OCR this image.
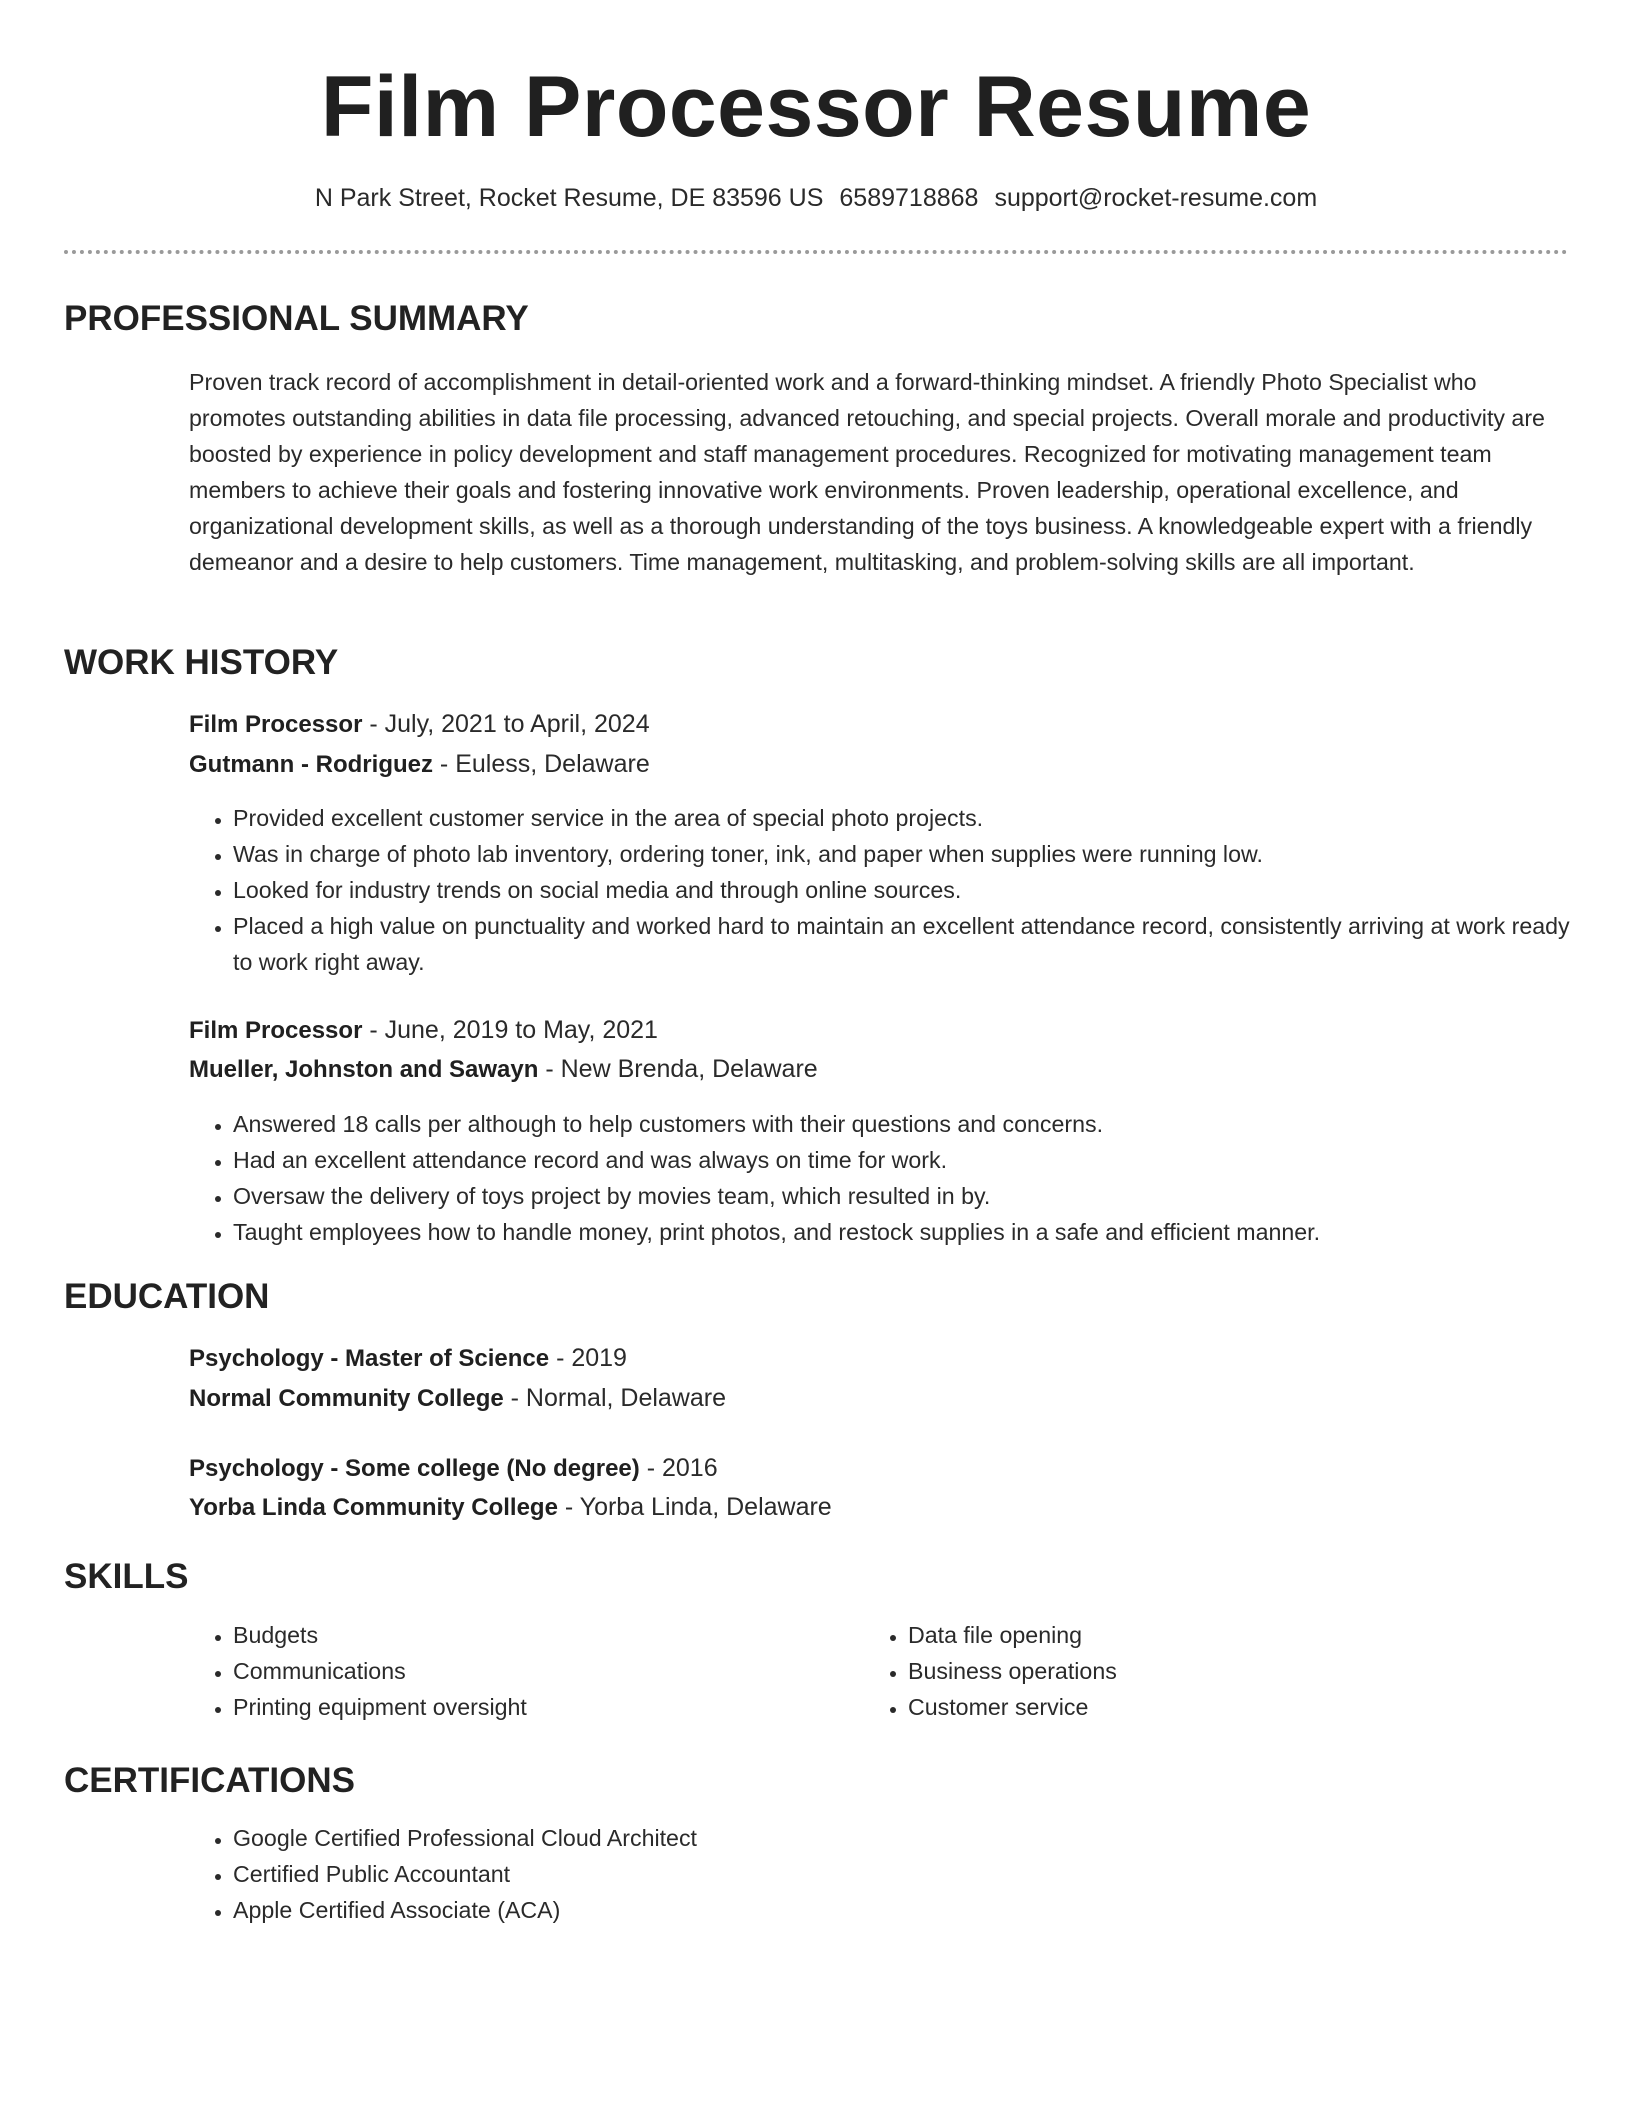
Film Processor Resume
N Park Street, Rocket Resume, DE 83596 US 6589718868 support@rocket-resume.com
PROFESSIONAL SUMMARY
Proven track record of accomplishment in detail-oriented work and a forward-thinking mindset. A friendly Photo Specialist who promotes outstanding abilities in data file processing, advanced retouching, and special projects. Overall morale and productivity are boosted by experience in policy development and staff management procedures. Recognized for motivating management team members to achieve their goals and fostering innovative work environments. Proven leadership, operational excellence, and organizational development skills, as well as a thorough understanding of the toys business. A knowledgeable expert with a friendly demeanor and a desire to help customers. Time management, multitasking, and problem-solving skills are all important.
WORK HISTORY
Film Processor - July, 2021 to April, 2024
Gutmann - Rodriguez - Euless, Delaware
• Provided excellent customer service in the area of special photo projects.
• Was in charge of photo lab inventory, ordering toner, ink, and paper when supplies were running low.
• Looked for industry trends on social media and through online sources.
• Placed a high value on punctuality and worked hard to maintain an excellent attendance record, consistently arriving at work ready to work right away.
Film Processor - June, 2019 to May, 2021
Mueller, Johnston and Sawayn - New Brenda, Delaware
• Answered 18 calls per although to help customers with their questions and concerns.
• Had an excellent attendance record and was always on time for work.
• Oversaw the delivery of toys project by movies team, which resulted in by.
• Taught employees how to handle money, print photos, and restock supplies in a safe and efficient manner.
EDUCATION
Psychology - Master of Science - 2019
Normal Community College - Normal, Delaware
Psychology - Some college (No degree) - 2016
Yorba Linda Community College - Yorba Linda, Delaware
SKILLS
• Budgets
• Communications
• Printing equipment oversight
• Data file opening
• Business operations
• Customer service
CERTIFICATIONS
• Google Certified Professional Cloud Architect
• Certified Public Accountant
• Apple Certified Associate (ACA)
